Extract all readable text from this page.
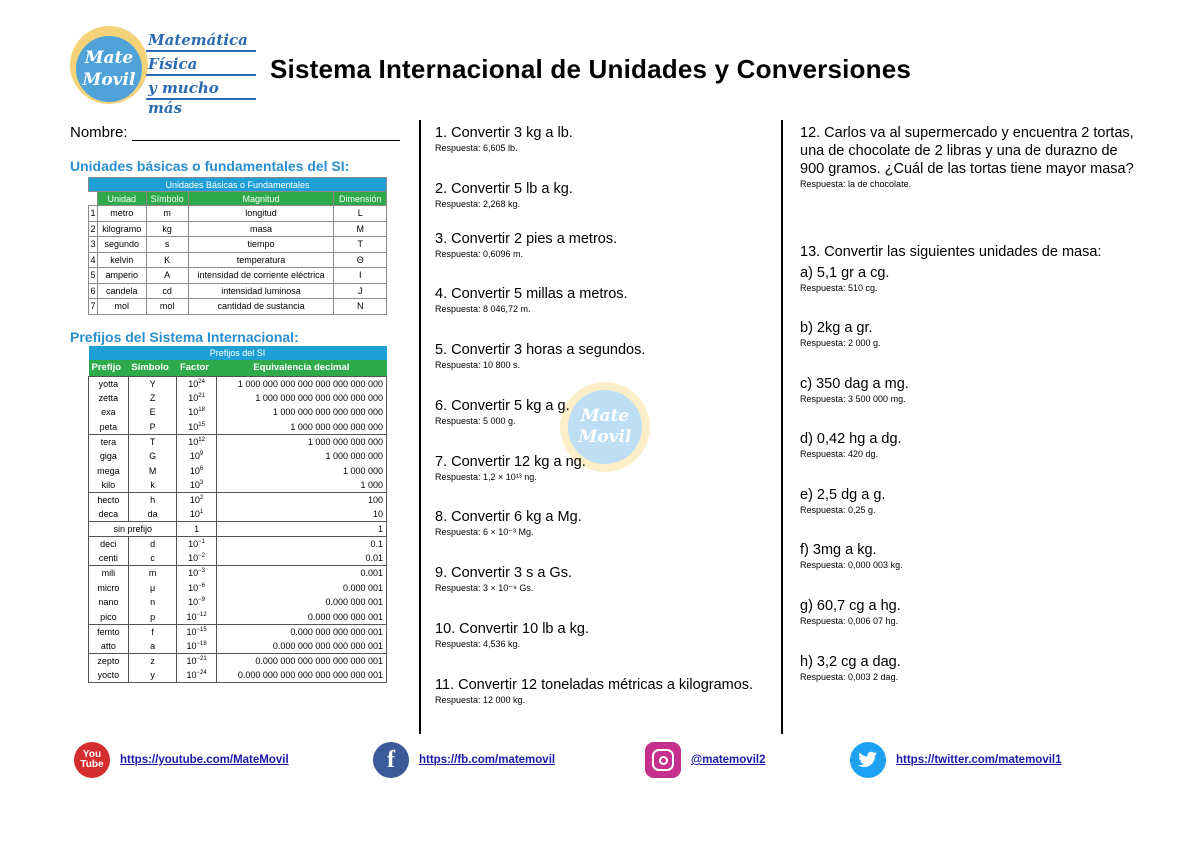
Mate
Movil
Matemática
Física
y mucho más
Sistema Internacional de Unidades y Conversiones
Nombre:
Unidades básicas o fundamentales del SI:
Unidades Básicas o Fundamentales				
	Unidad	Símbolo	Magnitud	Dimensión
1	metro	m	longitud	L
2	kilogramo	kg	masa	M
3	segundo	s	tiempo	T
4	kelvin	K	temperatura	Θ
5	amperio	A	intensidad de corriente eléctrica	I
6	candela	cd	intensidad luminosa	J
7	mol	mol	cantidad de sustancia	N
Prefijos del Sistema Internacional:
Prefijos del SI			
Prefijo	Símbolo	Factor	Equivalencia decimal
yotta	Y	$10^{24}$	1 000 000 000 000 000 000 000 000
zetta	Z	$10^{21}$	1 000 000 000 000 000 000 000
exa	E	$10^{18}$	1 000 000 000 000 000 000
peta	P	$10^{15}$	1 000 000 000 000 000
tera	T	$10^{12}$	1 000 000 000 000
giga	G	$10^9$	1 000 000 000
mega	M	$10^6$	1 000 000
kilo	k	$10^3$	1 000
hecto	h	$10^2$	100
deca	da	$10^1$	10
sin prefijo		1	1
deci	d	$10^{-1}$	0.1
centi	c	$10^{-2}$	0.01
mili	m	$10^{-3}$	0.001
micro	μ	$10^{-6}$	0.000 001
nano	n	$10^{-9}$	0.000 000 001
pico	p	$10^{-12}$	0.000 000 000 001
femto	f	$10^{-15}$	0.000 000 000 000 001
atto	a	$10^{-18}$	0.000 000 000 000 000 001
zepto	z	$10^{-21}$	0.000 000 000 000 000 000 001
yocto	y	$10^{-24}$	0.000 000 000 000 000 000 000 001
Mate
Movil
1. Convertir 3 kg a lb.
Respuesta: 6,605 lb.
2. Convertir 5 lb a kg.
Respuesta: 2,268 kg.
3. Convertir 2 pies a metros.
Respuesta: 0,6096 m.
4. Convertir 5 millas a metros.
Respuesta: 8 046,72 m.
5. Convertir 3 horas a segundos.
Respuesta: 10 800 s.
6. Convertir 5 kg a g.
Respuesta: 5 000 g.
7. Convertir 12 kg a ng.
Respuesta: 1,2 × 10¹³ ng.
8. Convertir 6 kg a Mg.
Respuesta: 6 × 10⁻³ Mg.
9. Convertir 3 s a Gs.
Respuesta: 3 × 10⁻⁹ Gs.
10. Convertir 10 lb a kg.
Respuesta: 4,536 kg.
11. Convertir 12 toneladas métricas a kilogramos.
Respuesta: 12 000 kg.
12. Carlos va al supermercado y encuentra 2 tortas, una de chocolate de 2 libras y una de durazno de 900 gramos. ¿Cuál de las tortas tiene mayor masa?
Respuesta: la de chocolate.
13. Convertir las siguientes unidades de masa:
a) 5,1 gr a cg.
Respuesta: 510 cg.
b) 2kg a gr.
Respuesta: 2 000 g.
c) 350 dag a mg.
Respuesta: 3 500 000 mg.
d) 0,42 hg a dg.
Respuesta: 420 dg.
e) 2,5 dg a g.
Respuesta: 0,25 g.
f) 3mg a kg.
Respuesta: 0,000 003 kg.
g) 60,7 cg a hg.
Respuesta: 0,006 07 hg.
h) 3,2 cg a dag.
Respuesta: 0,003 2 dag.
You
Tube https://youtube.com/MateMovil	f	https://fb.com/matemovil	@matemovil2	https://twitter.com/matemovil1
